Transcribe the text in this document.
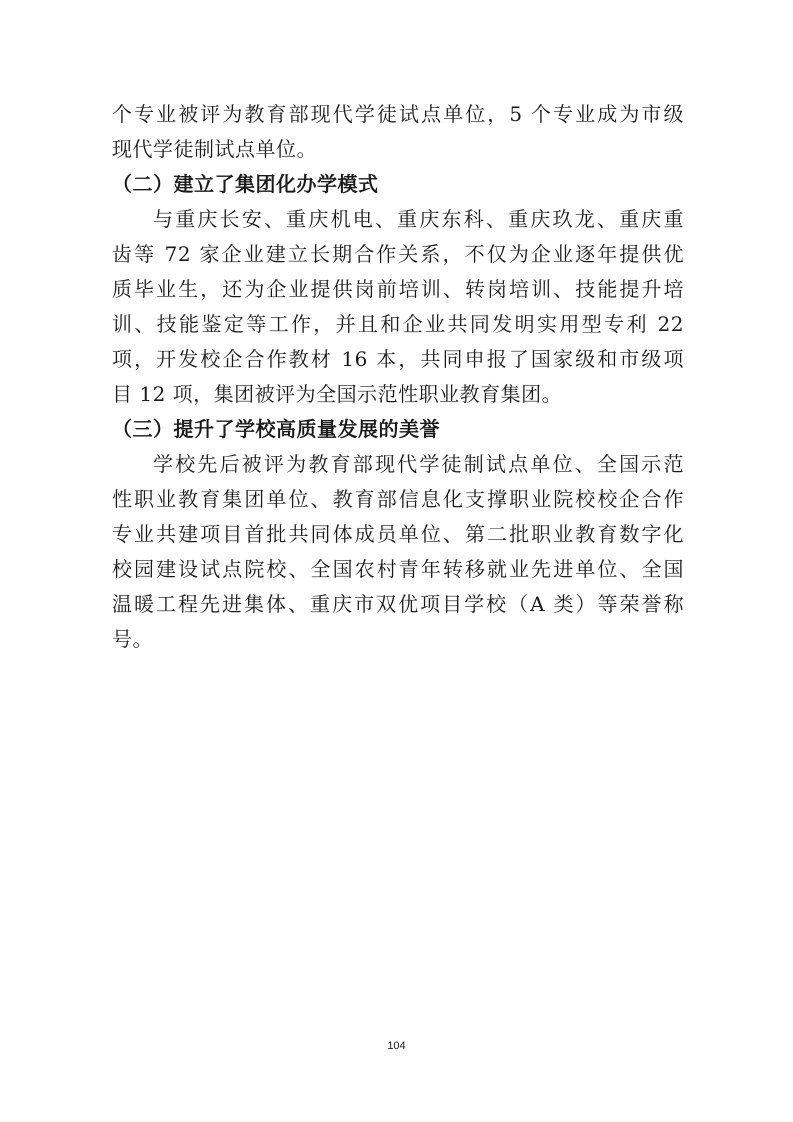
个专业被评为教育部现代学徒试点单位，5 个专业成为市级
现代学徒制试点单位。
（二）建立了集团化办学模式
与重庆长安、重庆机电、重庆东科、重庆玖龙、重庆重
齿等 72 家企业建立长期合作关系，不仅为企业逐年提供优
质毕业生，还为企业提供岗前培训、转岗培训、技能提升培
训、技能鉴定等工作，并且和企业共同发明实用型专利 22
项，开发校企合作教材 16 本，共同申报了国家级和市级项
目 12 项，集团被评为全国示范性职业教育集团。
（三）提升了学校高质量发展的美誉
学校先后被评为教育部现代学徒制试点单位、全国示范
性职业教育集团单位、教育部信息化支撑职业院校校企合作
专业共建项目首批共同体成员单位、第二批职业教育数字化
校园建设试点院校、全国农村青年转移就业先进单位、全国
温暖工程先进集体、重庆市双优项目学校（A 类）等荣誉称
号。
104
